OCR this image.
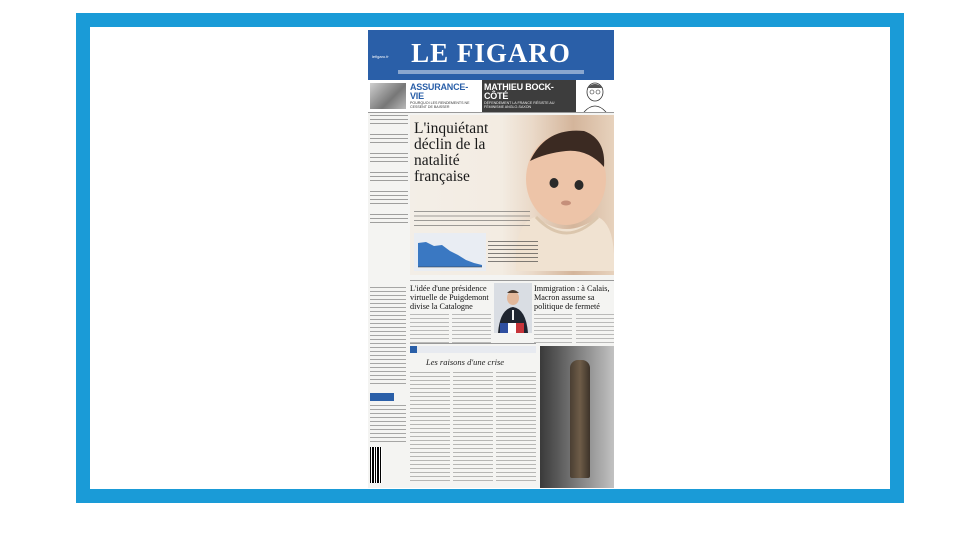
LE FIGARO
lefigaro.fr
ASSURANCE-VIE
POURQUOI LES RENDEMENTS NE CESSENT DE BAISSER
MATHIEU BOCK-CÔTÉ
DÉFENDEMENT LA FRANCE RÉSISTE AU FÉMINISME ANGLO-SAXON
L'inquiétant déclin de la natalité française
L'idée d'une présidence virtuelle de Puigdemont divise la Catalogne
Immigration : à Calais, Macron assume sa politique de fermeté
Les raisons d'une crise
